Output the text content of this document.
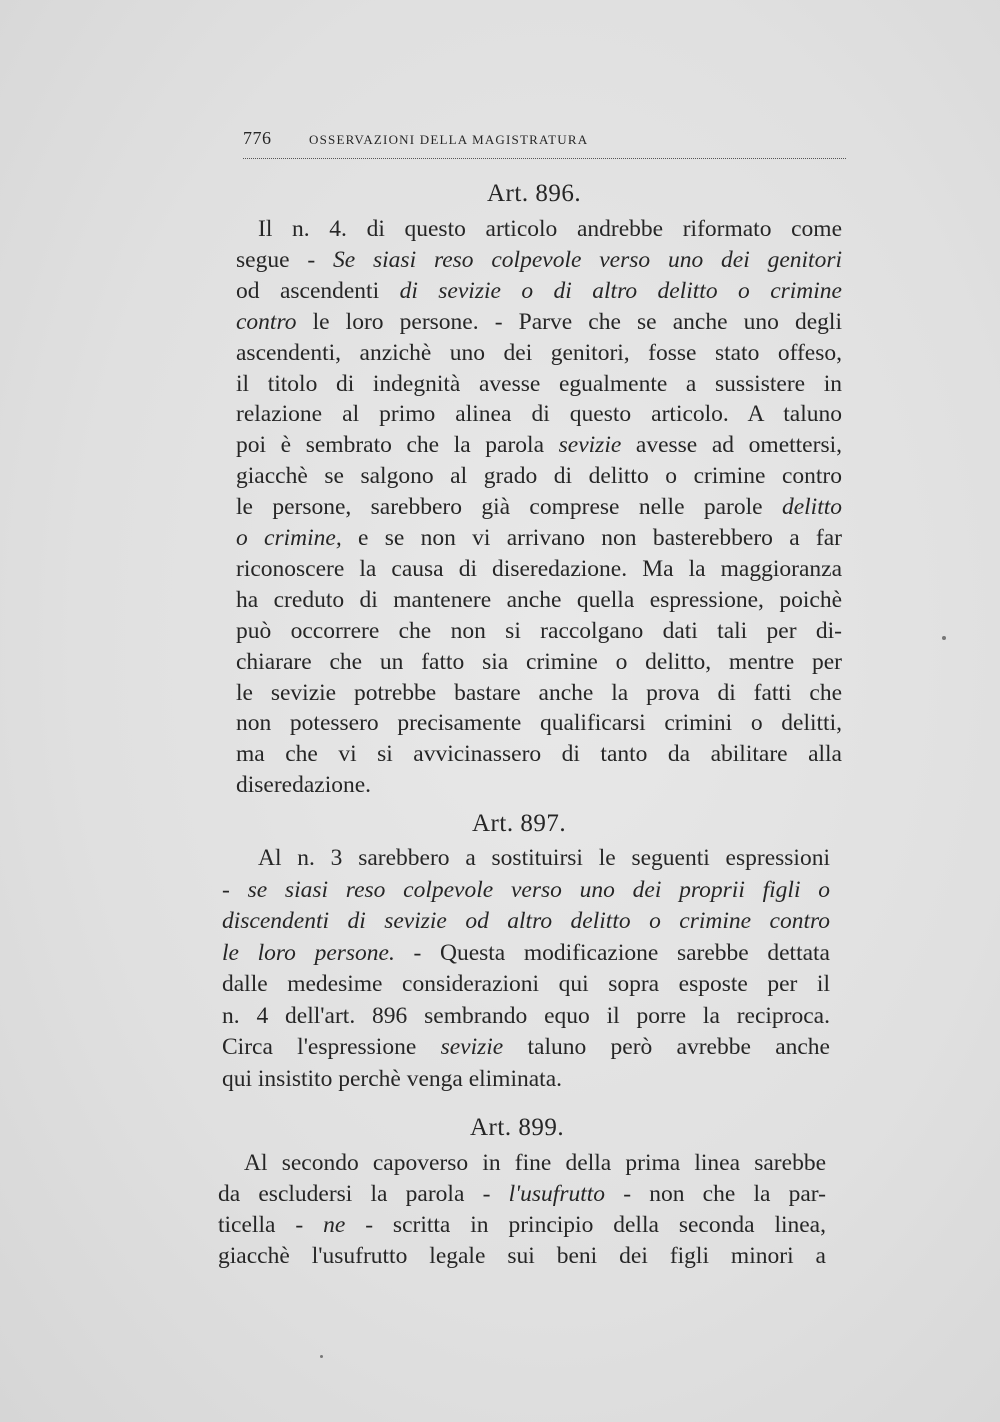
776	OSSERVAZIONI DELLA MAGISTRATURA
Art. 896.
Il n. 4. di questo articolo andrebbe riformato come
segue - Se siasi reso colpevole verso uno dei genitori
od ascendenti di sevizie o di altro delitto o crimine
contro le loro persone. - Parve che se anche uno degli
ascendenti, anzichè uno dei genitori, fosse stato offeso,
il titolo di indegnità avesse egualmente a sussistere in
relazione al primo alinea di questo articolo. A taluno
poi è sembrato che la parola sevizie avesse ad omettersi,
giacchè se salgono al grado di delitto o crimine contro
le persone, sarebbero già comprese nelle parole delitto
o crimine, e se non vi arrivano non basterebbero a far
riconoscere la causa di diseredazione. Ma la maggioranza
ha creduto di mantenere anche quella espressione, poichè
può occorrere che non si raccolgano dati tali per di-
chiarare che un fatto sia crimine o delitto, mentre per
le sevizie potrebbe bastare anche la prova di fatti che
non potessero precisamente qualificarsi crimini o delitti,
ma che vi si avvicinassero di tanto da abilitare alla
diseredazione.
Art. 897.
Al n. 3 sarebbero a sostituirsi le seguenti espressioni
- se siasi reso colpevole verso uno dei proprii figli o
discendenti di sevizie od altro delitto o crimine contro
le loro persone. - Questa modificazione sarebbe dettata
dalle medesime considerazioni qui sopra esposte per il
n. 4 dell'art. 896 sembrando equo il porre la reciproca.
Circa l'espressione sevizie taluno però avrebbe anche
qui insistito perchè venga eliminata.
Art. 899.
Al secondo capoverso in fine della prima linea sarebbe
da escludersi la parola - l'usufrutto - non che la par-
ticella - ne - scritta in principio della seconda linea,
giacchè l'usufrutto legale sui beni dei figli minori a
